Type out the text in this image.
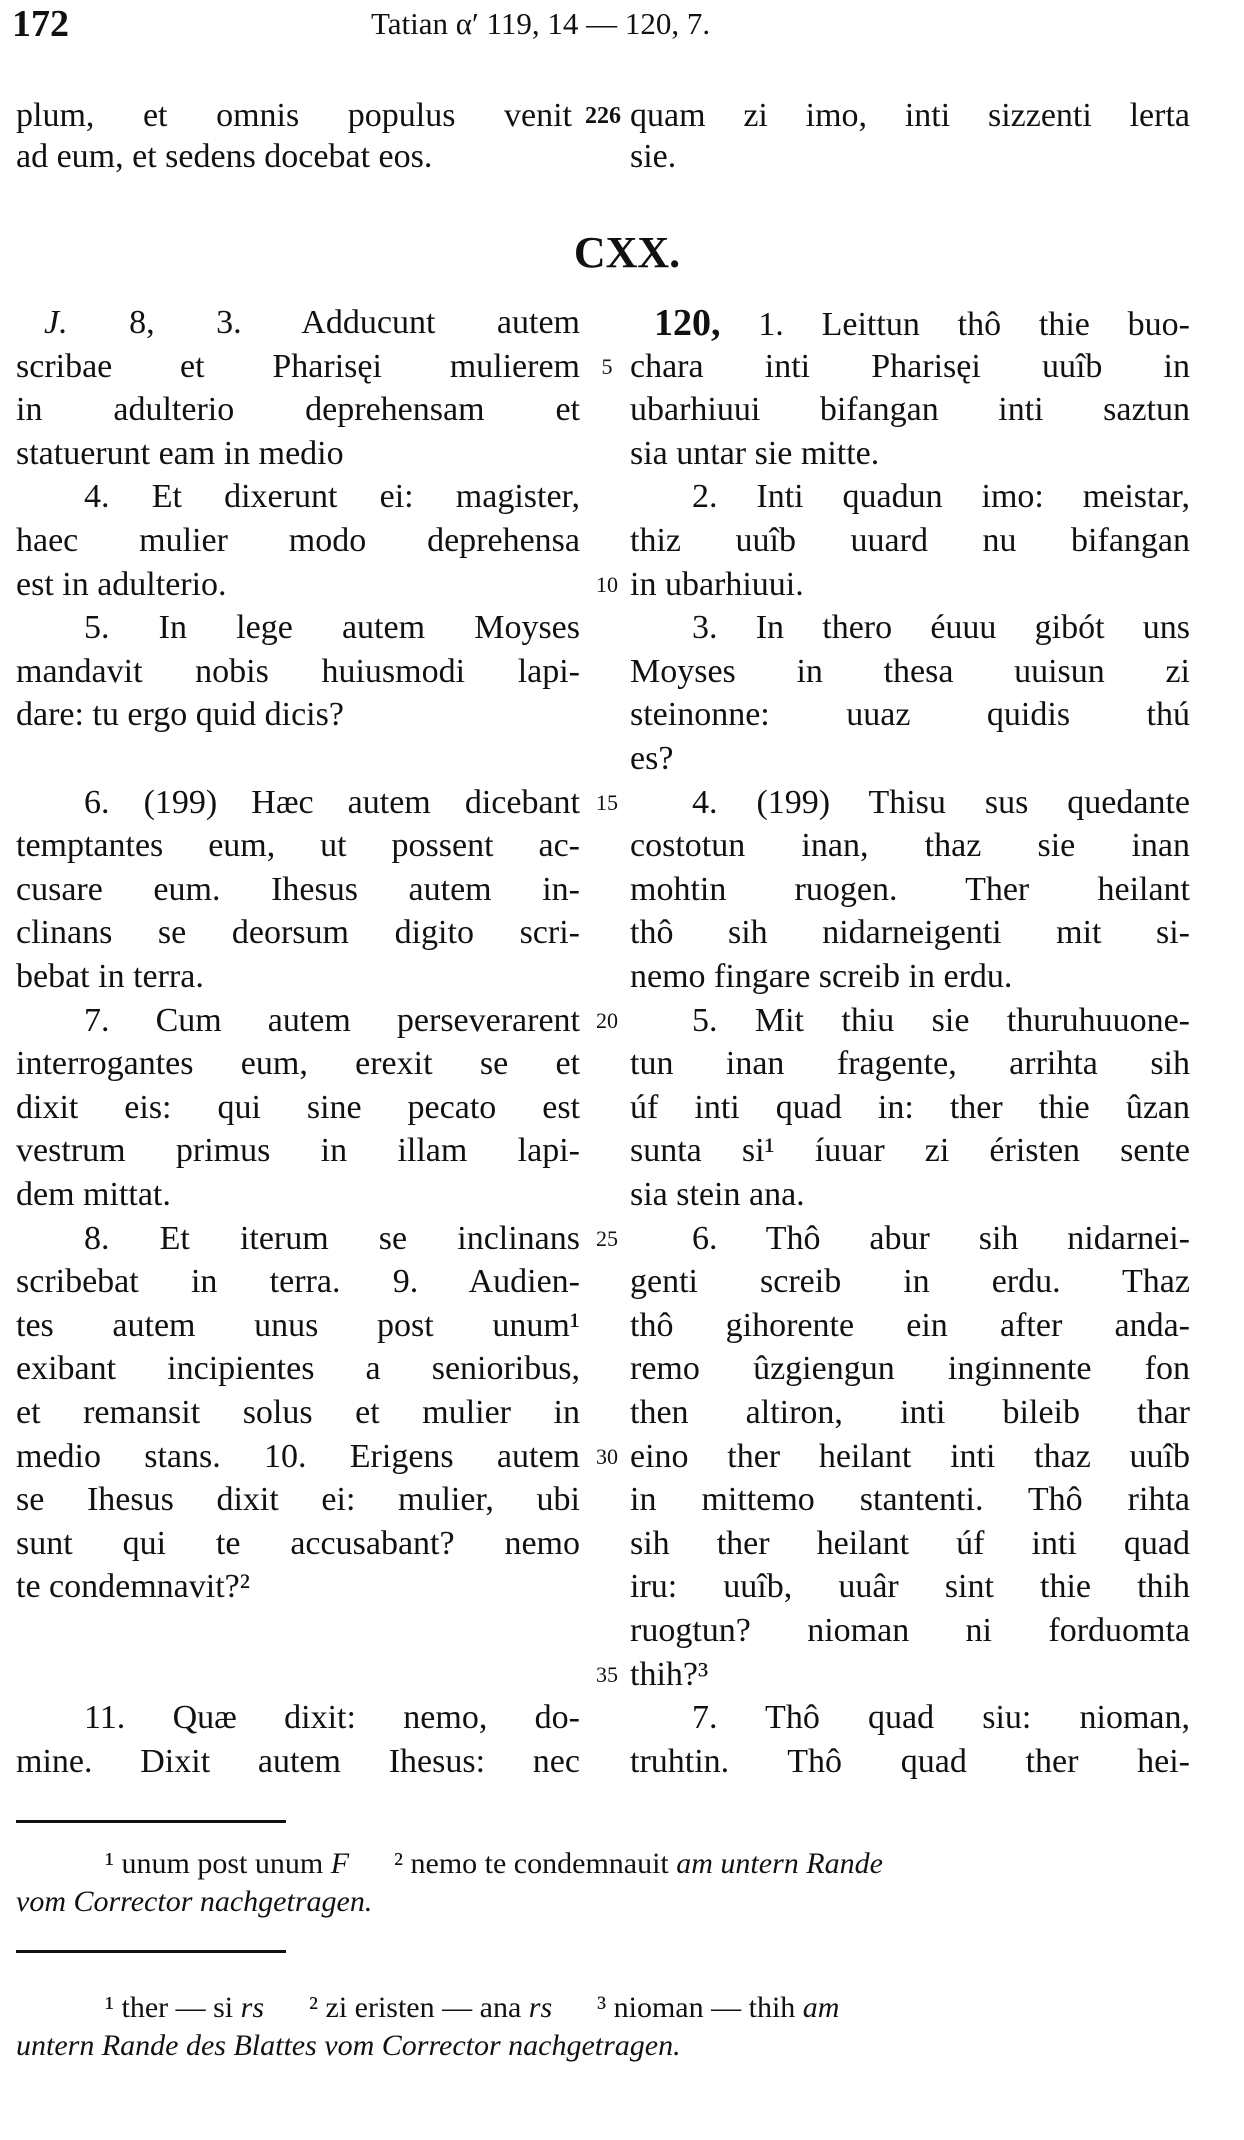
172	Tatian α′ 119, 14 — 120, 7.
plum, et omnis populus venit
ad eum, et sedens docebat eos.
226 quam zi imo, inti sizzenti lerta
sie.
CXX.
J. 8, 3. Adducunt autem
scribae et Pharisęi mulierem
in adulterio deprehensam et
statuerunt eam in medio
4. Et dixerunt ei: magister,
haec mulier modo deprehensa
est in adulterio.
5. In lege autem Moyses
mandavit nobis huiusmodi lapi-
dare: tu ergo quid dicis?
6. (199) Hæc autem dicebant
temptantes eum, ut possent ac-
cusare eum. Ihesus autem in-
clinans se deorsum digito scri-
bebat in terra.
7. Cum autem perseverarent
interrogantes eum, erexit se et
dixit eis: qui sine pecato est
vestrum primus in illam lapi-
dem mittat.
8. Et iterum se inclinans
scribebat in terra. 9. Audien-
tes autem unus post unum¹
exibant incipientes a senioribus,
et remansit solus et mulier in
medio stans. 10. Erigens autem
se Ihesus dixit ei: mulier, ubi
sunt qui te accusabant? nemo
te condemnavit?²
11. Quæ dixit: nemo, do-
mine. Dixit autem Ihesus: nec
120, 1. Leittun thô thie buo-
chara inti Pharisęi uuîb in
ubarhiuui bifangan inti saztun
sia untar sie mitte.
2. Inti quadun imo: meistar,
thiz uuîb uuard nu bifangan
in ubarhiuui.
3. In thero éuuu gibót uns
Moyses in thesa uuisun zi
steinonne: uuaz quidis thú
es?
4. (199) Thisu sus quedante
costotun inan, thaz sie inan
mohtin ruogen. Ther heilant
thô sih nidarneigenti mit si-
nemo fingare screib in erdu.
5. Mit thiu sie thuruhuuone-
tun inan fragente, arrihta sih
úf inti quad in: ther thie ûzan
sunta si¹ íuuar zi éristen sente
sia stein ana.
6. Thô abur sih nidarnei-
genti screib in erdu. Thaz
thô gihorente ein after anda-
remo ûzgiengun inginnente fon
then altiron, inti bileib thar
eino ther heilant inti thaz uuîb
in mittemo stantenti. Thô rihta
sih ther heilant úf inti quad
iru: uuîb, uuâr sint thie thih
ruogtun? nioman ni forduomta
thih?³
7. Thô quad siu: nioman,
truhtin. Thô quad ther hei-
5
10
15
20
25
30
35
¹ unum post unum F      ² nemo te condemnauit am untern Rande
vom Corrector nachgetragen.
¹ ther — si rs      ² zi eristen — ana rs      ³ nioman — thih am
untern Rande des Blattes vom Corrector nachgetragen.
